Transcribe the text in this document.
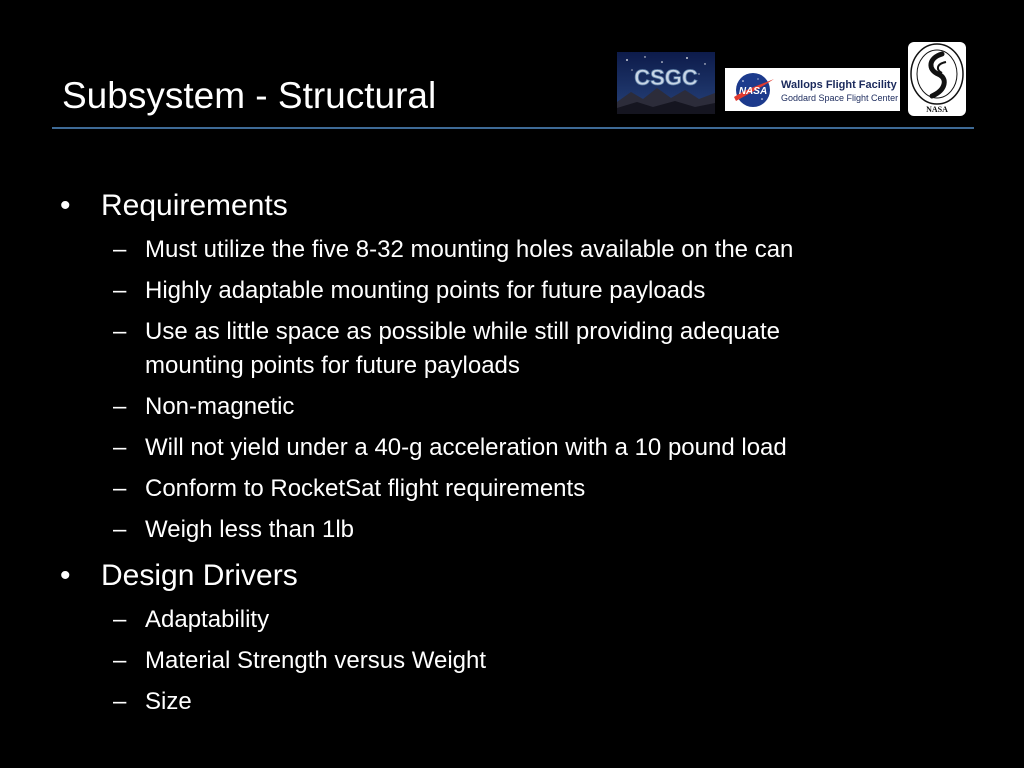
Subsystem - Structural	CSGC
NASA
Wallops Flight Facility
Goddard Space Flight Center
NASA
• Requirements
– Must utilize the five 8-32 mounting holes available on the can
– Highly adaptable mounting points for future payloads
– Use as little space as possible while still providing adequate
mounting points for future payloads
– Non-magnetic
– Will not yield under a 40-g acceleration with a 10 pound load
– Conform to RocketSat flight requirements
– Weigh less than 1lb
• Design Drivers
– Adaptability
– Material Strength versus Weight
– Size
